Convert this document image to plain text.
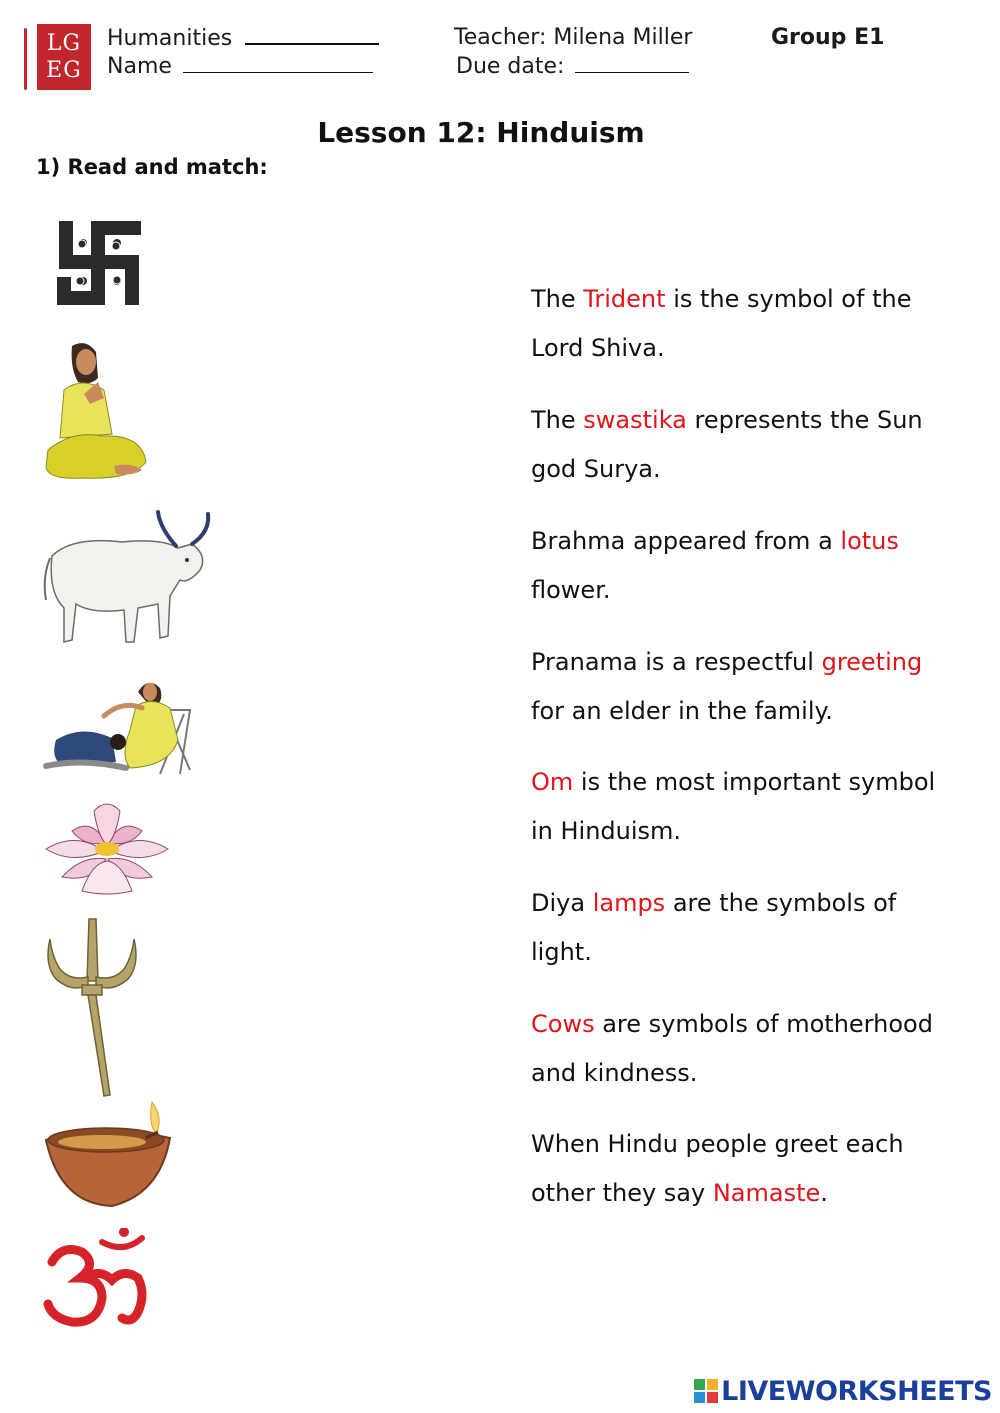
LG
EG
Humanities
Name
Teacher: Milena Miller
Due date:
Group E1
Lesson 12: Hinduism
1) Read and match:
The Trident is the symbol of the Lord Shiva.
The swastika represents the Sun god Surya.
Brahma appeared from a lotus flower.
Pranama is a respectful greeting for an elder in the family.
Om is the most important symbol in Hinduism.
Diya lamps are the symbols of light.
Cows are symbols of motherhood and kindness.
When Hindu people greet each other they say Namaste.
LIVEWORKSHEETS
